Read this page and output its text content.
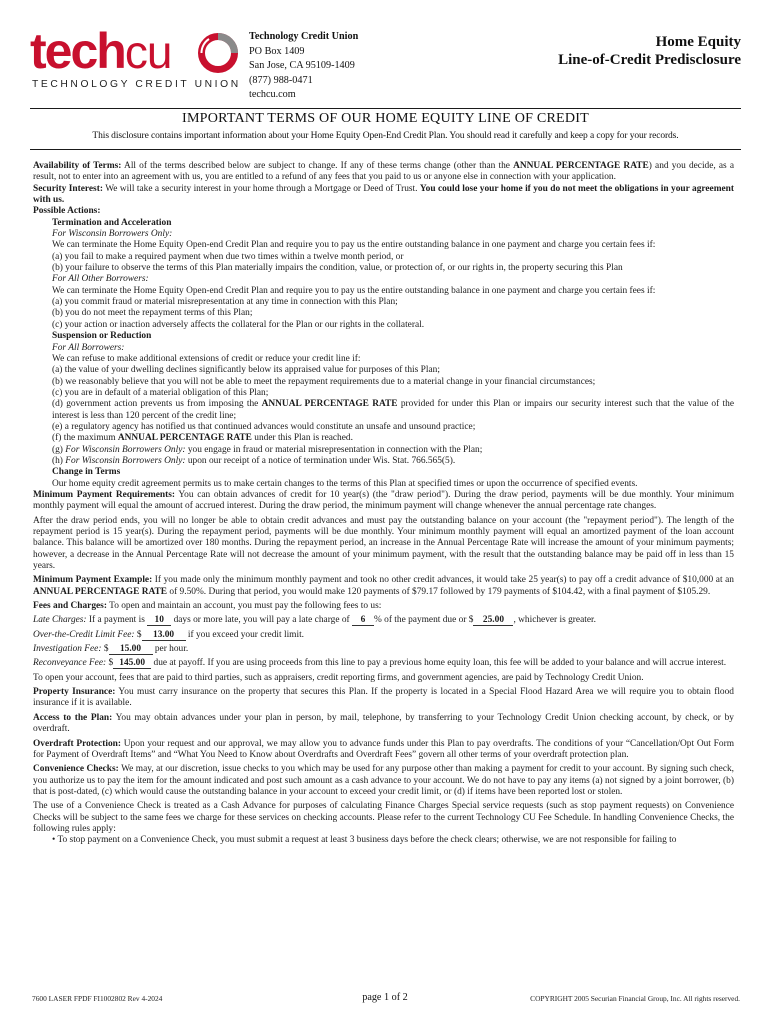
techcu
TECHNOLOGY CREDIT UNION
Technology Credit Union
PO Box 1409
San Jose, CA 95109-1409
(877) 988-0471
techcu.com
Home Equity
Line-of-Credit Predisclosure
IMPORTANT TERMS OF OUR HOME EQUITY LINE OF CREDIT

This disclosure contains important information about your Home Equity Open-End Credit Plan. You should read it carefully and keep a copy for your records.

Availability of Terms: All of the terms described below are subject to change. If any of these terms change (other than the ANNUAL PERCENTAGE RATE) and you decide, as a result, not to enter into an agreement with us, you are entitled to a refund of any fees that you paid to us or anyone else in connection with your application.

Security Interest: We will take a security interest in your home through a Mortgage or Deed of Trust. You could lose your home if you do not meet the obligations in your agreement with us.

Possible Actions:

Termination and Acceleration

For Wisconsin Borrowers Only:

We can terminate the Home Equity Open-end Credit Plan and require you to pay us the entire outstanding balance in one payment and charge you certain fees if:

(a) you fail to make a required payment when due two times within a twelve month period, or

(b) your failure to observe the terms of this Plan materially impairs the condition, value, or protection of, or our rights in, the property securing this Plan

For All Other Borrowers:

We can terminate the Home Equity Open-end Credit Plan and require you to pay us the entire outstanding balance in one payment and charge you certain fees if:

(a) you commit fraud or material misrepresentation at any time in connection with this Plan;

(b) you do not meet the repayment terms of this Plan;

(c) your action or inaction adversely affects the collateral for the Plan or our rights in the collateral.

Suspension or Reduction

For All Borrowers:

We can refuse to make additional extensions of credit or reduce your credit line if:

(a) the value of your dwelling declines significantly below its appraised value for purposes of this Plan;

(b) we reasonably believe that you will not be able to meet the repayment requirements due to a material change in your financial circumstances;

(c) you are in default of a material obligation of this Plan;

(d) government action prevents us from imposing the ANNUAL PERCENTAGE RATE provided for under this Plan or impairs our security interest such that the value of the interest is less than 120 percent of the credit line;

(e) a regulatory agency has notified us that continued advances would constitute an unsafe and unsound practice;

(f) the maximum ANNUAL PERCENTAGE RATE under this Plan is reached.

(g) For Wisconsin Borrowers Only: you engage in fraud or material misrepresentation in connection with the Plan;

(h) For Wisconsin Borrowers Only: upon our receipt of a notice of termination under Wis. Stat. 766.565(5).

Change in Terms

Our home equity credit agreement permits us to make certain changes to the terms of this Plan at specified times or upon the occurrence of specified events.

Minimum Payment Requirements: You can obtain advances of credit for 10 year(s) (the "draw period"). During the draw period, payments will be due monthly. Your minimum monthly payment will equal the amount of accrued interest. During the draw period, the minimum payment will change whenever the annual percentage rate changes.

After the draw period ends, you will no longer be able to obtain credit advances and must pay the outstanding balance on your account (the "repayment period"). The length of the repayment period is 15 year(s). During the repayment period, payments will be due monthly. Your minimum monthly payment will equal an amortized payment of the loan account balance. This balance will be amortized over 180 months. During the repayment period, an increase in the Annual Percentage Rate will increase the amount of your minimum payments; however, a decrease in the Annual Percentage Rate will not decrease the amount of your minimum payment, with the result that the outstanding balance may be paid off in less than 15 years.

Minimum Payment Example: If you made only the minimum monthly payment and took no other credit advances, it would take 25 year(s) to pay off a credit advance of $10,000 at an ANNUAL PERCENTAGE RATE of 9.50%. During that period, you would make 120 payments of $79.17 followed by 179 payments of $104.42, with a final payment of $105.29.

Fees and Charges: To open and maintain an account, you must pay the following fees to us:

Late Charges: If a payment is 10 days or more late, you will pay a late charge of 6 % of the payment due or $ 25.00 , whichever is greater.

Over-the-Credit Limit Fee: $ 13.00 if you exceed your credit limit.

Investigation Fee: $ 15.00 per hour.

Reconveyance Fee: $ 145.00 due at payoff. If you are using proceeds from this line to pay a previous home equity loan, this fee will be added to your balance and will accrue interest.

To open your account, fees that are paid to third parties, such as appraisers, credit reporting firms, and government agencies, are paid by Technology Credit Union.

Property Insurance: You must carry insurance on the property that secures this Plan. If the property is located in a Special Flood Hazard Area we will require you to obtain flood insurance if it is available.

Access to the Plan: You may obtain advances under your plan in person, by mail, telephone, by transferring to your Technology Credit Union checking account, by check, or by overdraft.

Overdraft Protection: Upon your request and our approval, we may allow you to advance funds under this Plan to pay overdrafts. The conditions of your “Cancellation/Opt Out Form for Payment of Overdraft Items” and “What You Need to Know about Overdrafts and Overdraft Fees” govern all other terms of your overdraft protection plan.

Convenience Checks: We may, at our discretion, issue checks to you which may be used for any purpose other than making a payment for credit to your account. By signing such check, you authorize us to pay the item for the amount indicated and post such amount as a cash advance to your account. We do not have to pay any items (a) not signed by a joint borrower, (b) that is post-dated, (c) which would cause the outstanding balance in your account to exceed your credit limit, or (d) if items have been reported lost or stolen.

The use of a Convenience Check is treated as a Cash Advance for purposes of calculating Finance Charges Special service requests (such as stop payment requests) on Convenience Checks will be subject to the same fees we charge for these services on checking accounts. Please refer to the current Technology CU Fee Schedule. In handling Convenience Checks, the following rules apply:

• To stop payment on a Convenience Check, you must submit a request at least 3 business days before the check clears; otherwise, we are not responsible for failing to

7600 LASER FPDF FI1002802 Rev 4-2024	page 1 of 2	COPYRIGHT 2005 Securian Financial Group, Inc. All rights reserved.
